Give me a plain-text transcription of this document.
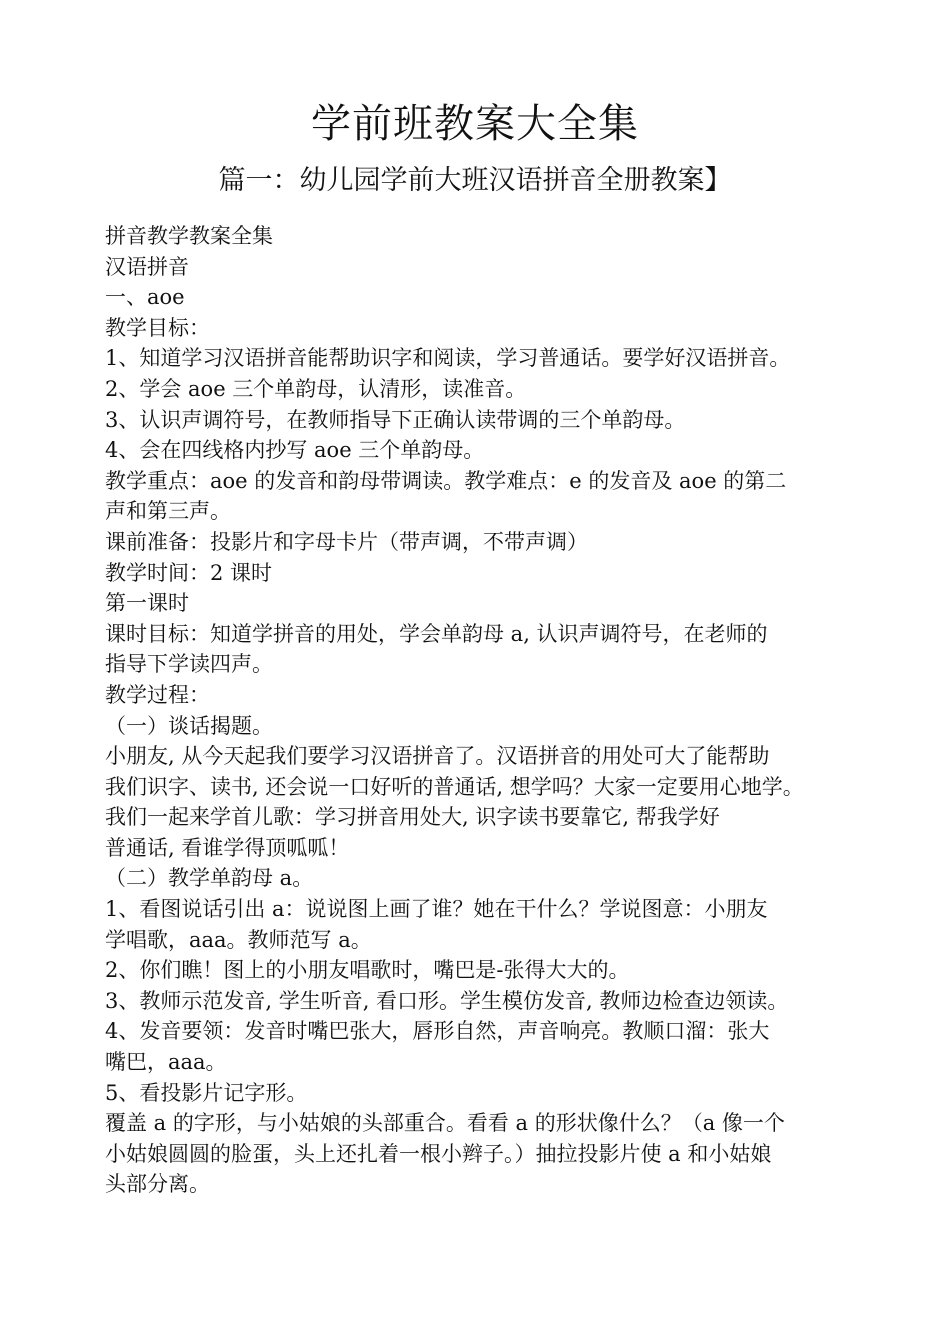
学前班教案大全集
篇一：幼儿园学前大班汉语拼音全册教案】

拼音教学教案全集

汉语拼音

一、aoe

教学目标：

1、知道学习汉语拼音能帮助识字和阅读，学习普通话。要学好汉语拼音。

2、学会 aoe 三个单韵母，认清形，读准音。

3、认识声调符号，在教师指导下正确认读带调的三个单韵母。

4、会在四线格内抄写 aoe 三个单韵母。

教学重点：aoe 的发音和韵母带调读。教学难点：e 的发音及 aoe 的第二

声和第三声。

课前准备：投影片和字母卡片（带声调，不带声调）

教学时间：2 课时

第一课时

课时目标：知道学拼音的用处，学会单韵母 a, 认识声调符号，在老师的

指导下学读四声。

教学过程：

（一）谈话揭题。

小朋友, 从今天起我们要学习汉语拼音了。汉语拼音的用处可大了能帮助

我们识字、读书, 还会说一口好听的普通话, 想学吗？大家一定要用心地学。

我们一起来学首儿歌：学习拼音用处大, 识字读书要靠它, 帮我学好

普通话, 看谁学得顶呱呱！

（二）教学单韵母 a。

1、看图说话引出 a：说说图上画了谁？她在干什么？学说图意：小朋友

学唱歌，aaa。教师范写 a。

2、你们瞧！图上的小朋友唱歌时，嘴巴是-张得大大的。

3、教师示范发音, 学生听音, 看口形。学生模仿发音, 教师边检查边领读。

4、发音要领：发音时嘴巴张大，唇形自然，声音响亮。教顺口溜：张大

嘴巴，aaa。

5、看投影片记字形。

覆盖 a 的字形，与小姑娘的头部重合。看看 a 的形状像什么？（a 像一个

小姑娘圆圆的脸蛋，头上还扎着一根小辫子。）抽拉投影片使 a 和小姑娘

头部分离。
